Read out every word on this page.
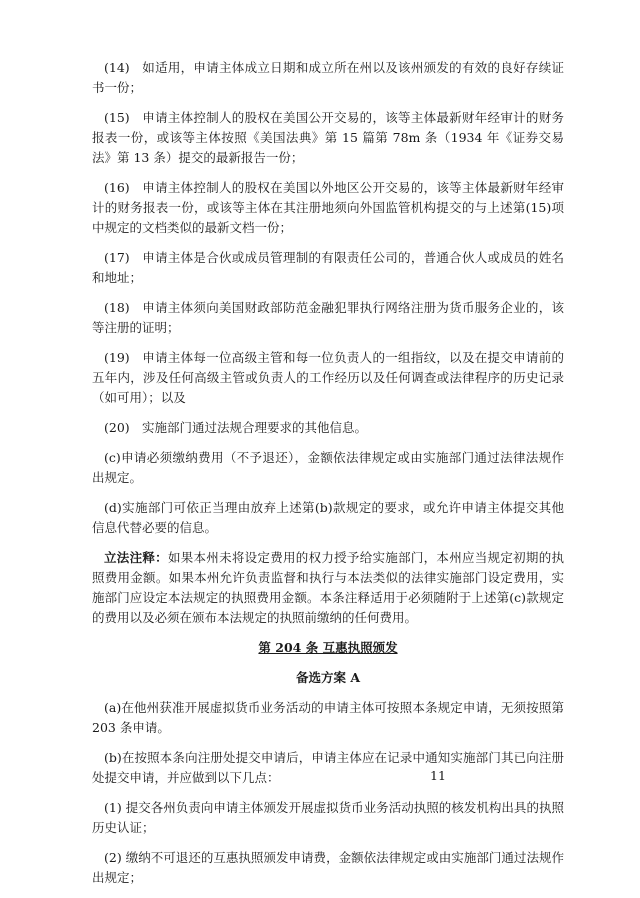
(14) 如适用，申请主体成立日期和成立所在州以及该州颁发的有效的良好存续证书一份；

(15) 申请主体控制人的股权在美国公开交易的，该等主体最新财年经审计的财务报表一份，或该等主体按照《美国法典》第 15 篇第 78m 条（1934 年《证券交易法》第 13 条）提交的最新报告一份；

(16) 申请主体控制人的股权在美国以外地区公开交易的，该等主体最新财年经审计的财务报表一份，或该等主体在其注册地须向外国监管机构提交的与上述第(15)项中规定的文档类似的最新文档一份；

(17) 申请主体是合伙或成员管理制的有限责任公司的，普通合伙人或成员的姓名和地址；

(18) 申请主体须向美国财政部防范金融犯罪执行网络注册为货币服务企业的，该等注册的证明；

(19) 申请主体每一位高级主管和每一位负责人的一组指纹，以及在提交申请前的五年内，涉及任何高级主管或负责人的工作经历以及任何调查或法律程序的历史记录（如可用）；以及

(20) 实施部门通过法规合理要求的其他信息。

(c)申请必须缴纳费用（不予退还），金额依法律规定或由实施部门通过法律法规作出规定。

(d)实施部门可依正当理由放弃上述第(b)款规定的要求，或允许申请主体提交其他信息代替必要的信息。

立法注释：如果本州未将设定费用的权力授予给实施部门，本州应当规定初期的执照费用金额。如果本州允许负责监督和执行与本法类似的法律实施部门设定费用，实施部门应设定本法规定的执照费用金额。本条注释适用于必须随附于上述第(c)款规定的费用以及必须在颁布本法规定的执照前缴纳的任何费用。

第 204 条 互惠执照颁发

备选方案 A

(a)在他州获准开展虚拟货币业务活动的申请主体可按照本条规定申请，无须按照第 203 条申请。

(b)在按照本条向注册处提交申请后，申请主体应在记录中通知实施部门其已向注册处提交申请，并应做到以下几点：

(1) 提交各州负责向申请主体颁发开展虚拟货币业务活动执照的核发机构出具的执照历史认证；

(2) 缴纳不可退还的互惠执照颁发申请费，金额依法律规定或由实施部门通过法规作出规定；

11
